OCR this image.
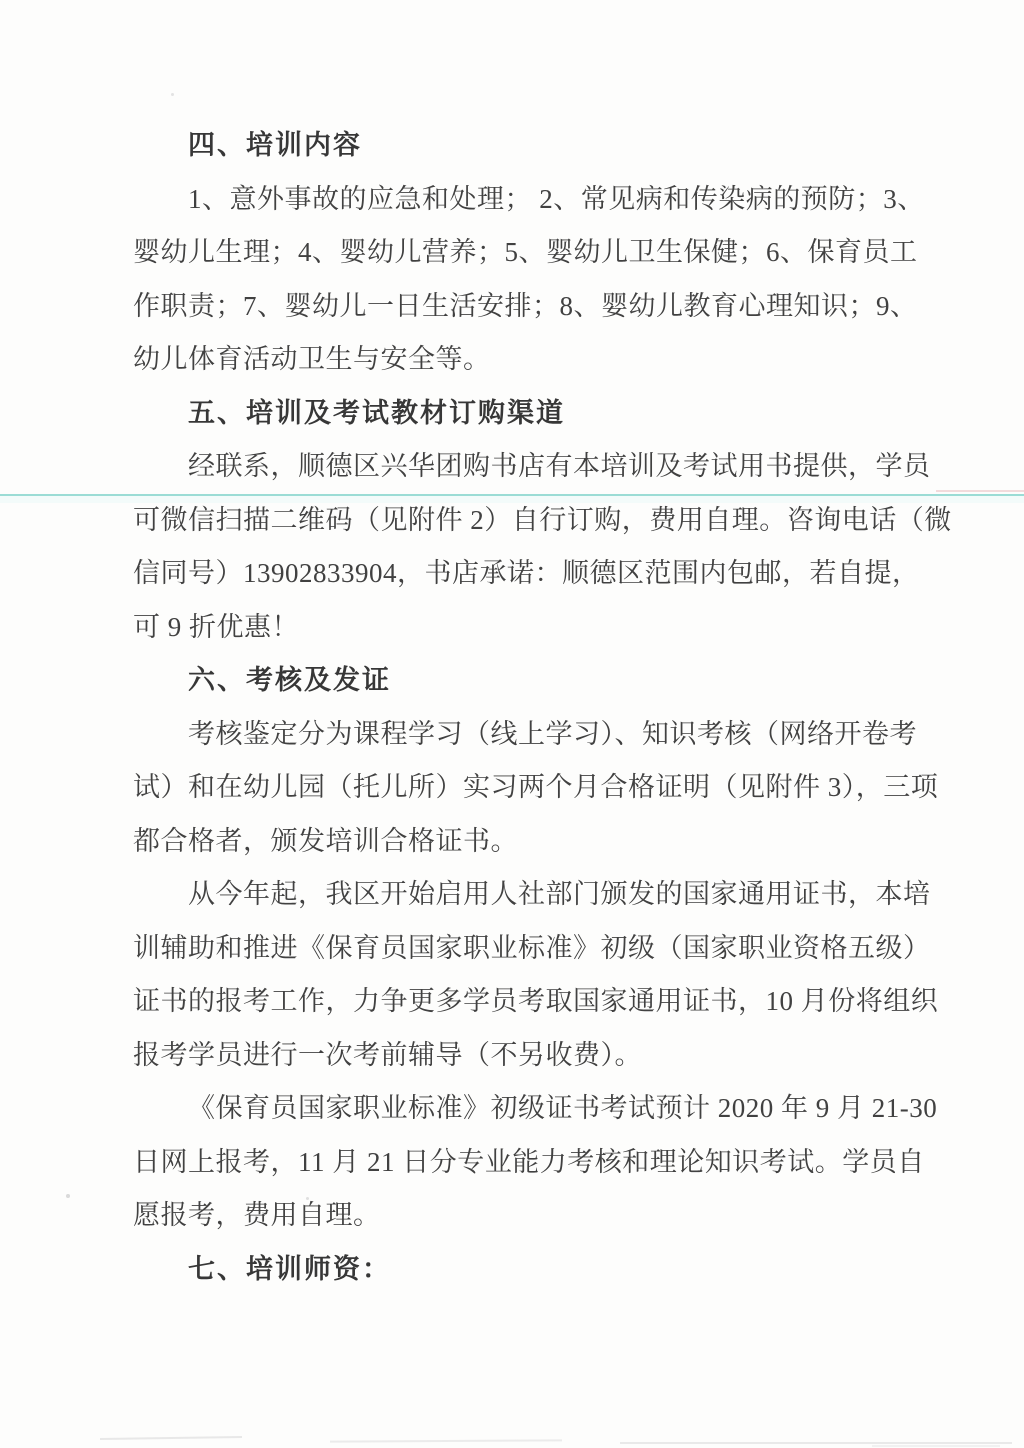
四、培训内容
1、意外事故的应急和处理； 2、常见病和传染病的预防；3、
婴幼儿生理；4、婴幼儿营养；5、婴幼儿卫生保健；6、保育员工
作职责；7、婴幼儿一日生活安排；8、婴幼儿教育心理知识；9、
幼儿体育活动卫生与安全等。
五、培训及考试教材订购渠道
经联系，顺德区兴华团购书店有本培训及考试用书提供，学员
可微信扫描二维码（见附件 2）自行订购，费用自理。咨询电话（微
信同号）13902833904，书店承诺：顺德区范围内包邮，若自提，
可 9 折优惠！
六、考核及发证
考核鉴定分为课程学习（线上学习）、知识考核（网络开卷考
试）和在幼儿园（托儿所）实习两个月合格证明（见附件 3），三项
都合格者，颁发培训合格证书。
从今年起，我区开始启用人社部门颁发的国家通用证书，本培
训辅助和推进《保育员国家职业标准》初级（国家职业资格五级）
证书的报考工作，力争更多学员考取国家通用证书，10 月份将组织
报考学员进行一次考前辅导（不另收费）。
《保育员国家职业标准》初级证书考试预计 2020 年 9 月 21-30
日网上报考，11 月 21 日分专业能力考核和理论知识考试。学员自
愿报考，费用自理。
七、培训师资：
